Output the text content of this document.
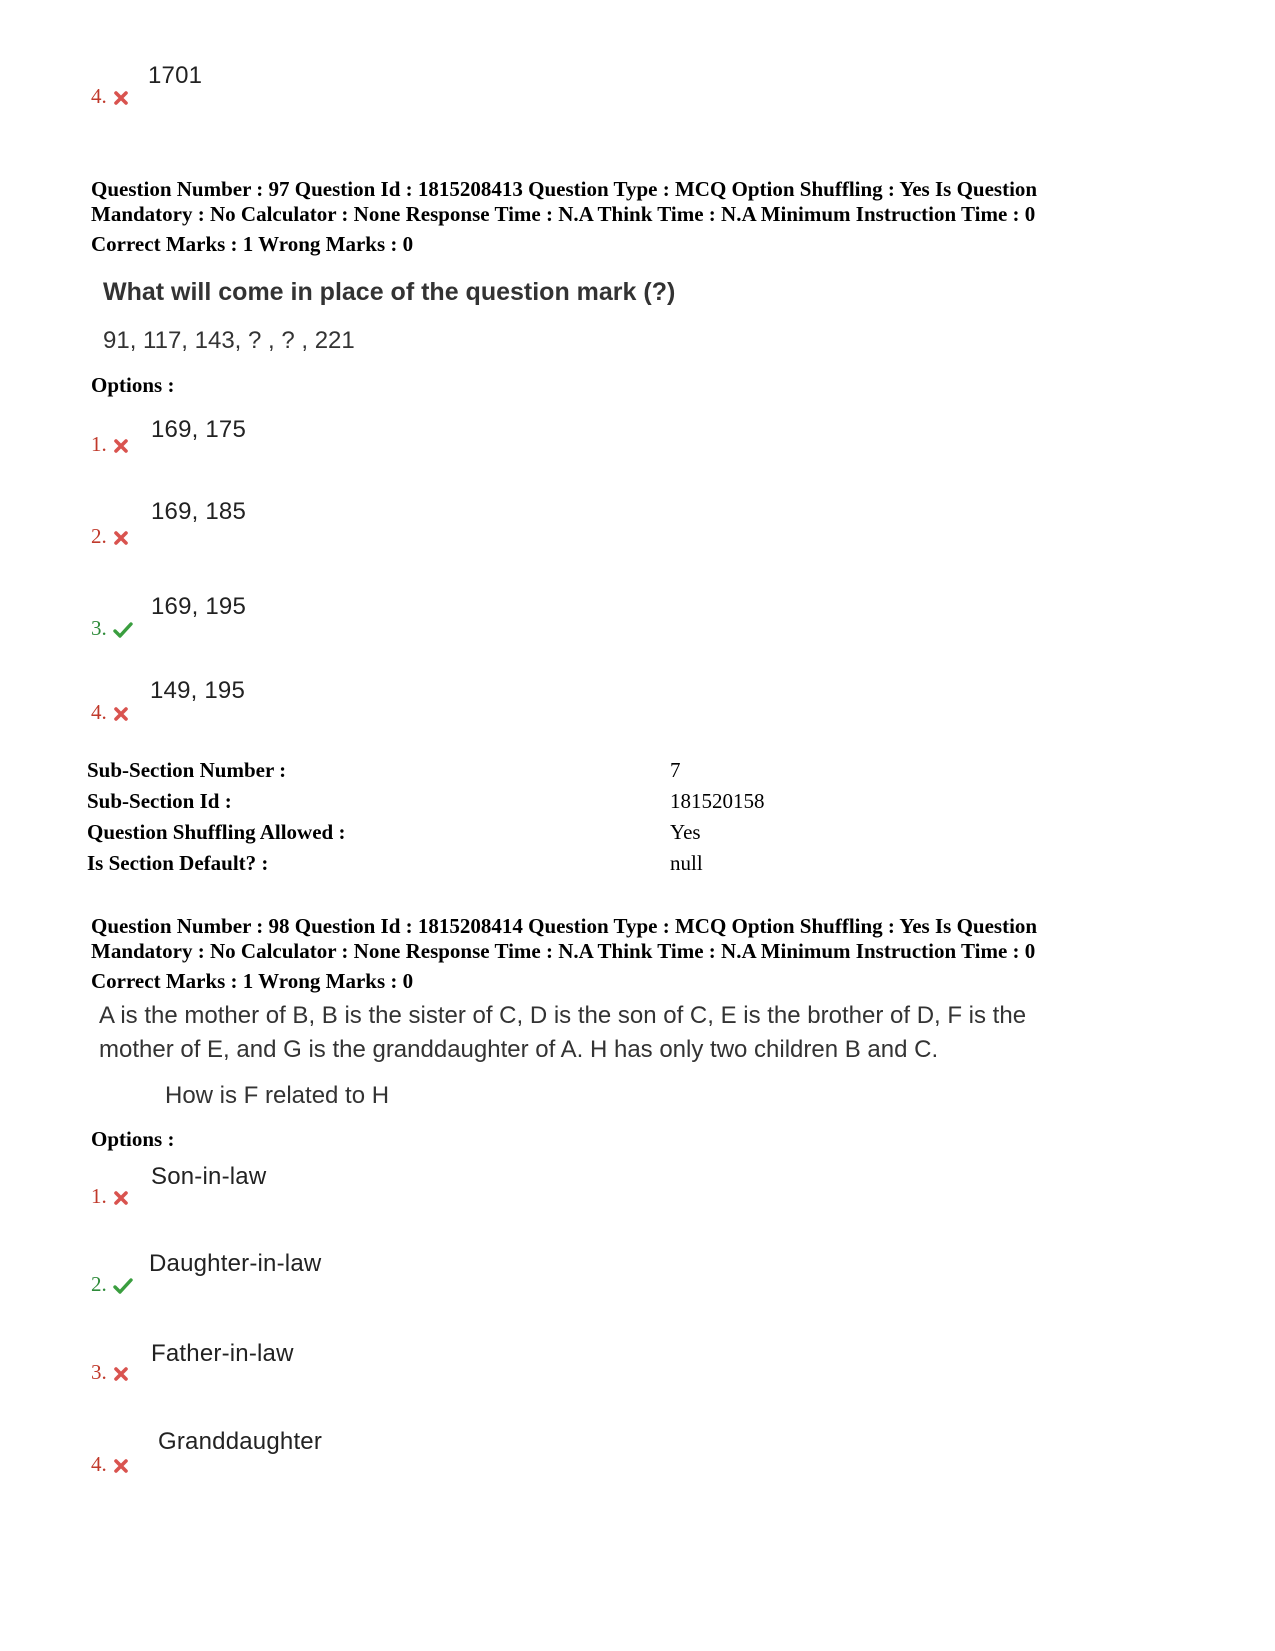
1701
4.
Question Number : 97 Question Id : 1815208413 Question Type : MCQ Option Shuffling : Yes Is Question
Mandatory : No Calculator : None Response Time : N.A Think Time : N.A Minimum Instruction Time : 0
Correct Marks : 1 Wrong Marks : 0
What will come in place of the question mark (?)
91, 117, 143, ? , ? , 221
Options :
169, 175
1.
169, 185
2.
169, 195
3.
149, 195
4.
Sub-Section Number :	7
Sub-Section Id :	181520158
Question Shuffling Allowed :	Yes
Is Section Default? :	null
Question Number : 98 Question Id : 1815208414 Question Type : MCQ Option Shuffling : Yes Is Question
Mandatory : No Calculator : None Response Time : N.A Think Time : N.A Minimum Instruction Time : 0
Correct Marks : 1 Wrong Marks : 0
A is the mother of B, B is the sister of C, D is the son of C, E is the brother of D, F is the
mother of E, and G is the granddaughter of A. H has only two children B and C.
How is F related to H
Options :
Son-in-law
1.
Daughter-in-law
2.
Father-in-law
3.
Granddaughter
4.
